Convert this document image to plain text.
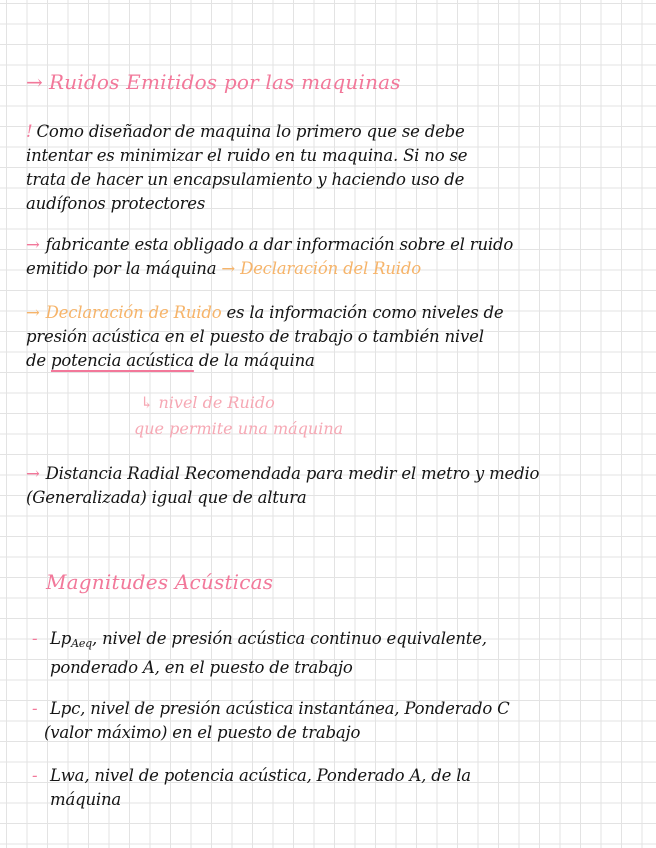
→ Ruidos Emitidos por las maquinas
! Como diseñador de maquina lo primero que se debe
intentar es minimizar el ruido en tu maquina. Si no se
trata de hacer un encapsulamiento y haciendo uso de
audífonos protectores
→ fabricante esta obligado a dar información sobre el ruido
emitido por la máquina → Declaración del Ruido
→ Declaración de Ruido es la información como niveles de
presión acústica en el puesto de trabajo o también nivel
de potencia acústica de la máquina
↳ nivel de Ruido
que permite una máquina
→ Distancia Radial Recomendada para medir el metro y medio
(Generalizada) igual que de altura
Magnitudes Acústicas
- $Lp_{Aeq}$, nivel de presión acústica continuo equivalente,
ponderado A, en el puesto de trabajo
- Lpc, nivel de presión acústica instantánea, Ponderado C
(valor máximo) en el puesto de trabajo
- Lwa, nivel de potencia acústica, Ponderado A, de la
máquina
